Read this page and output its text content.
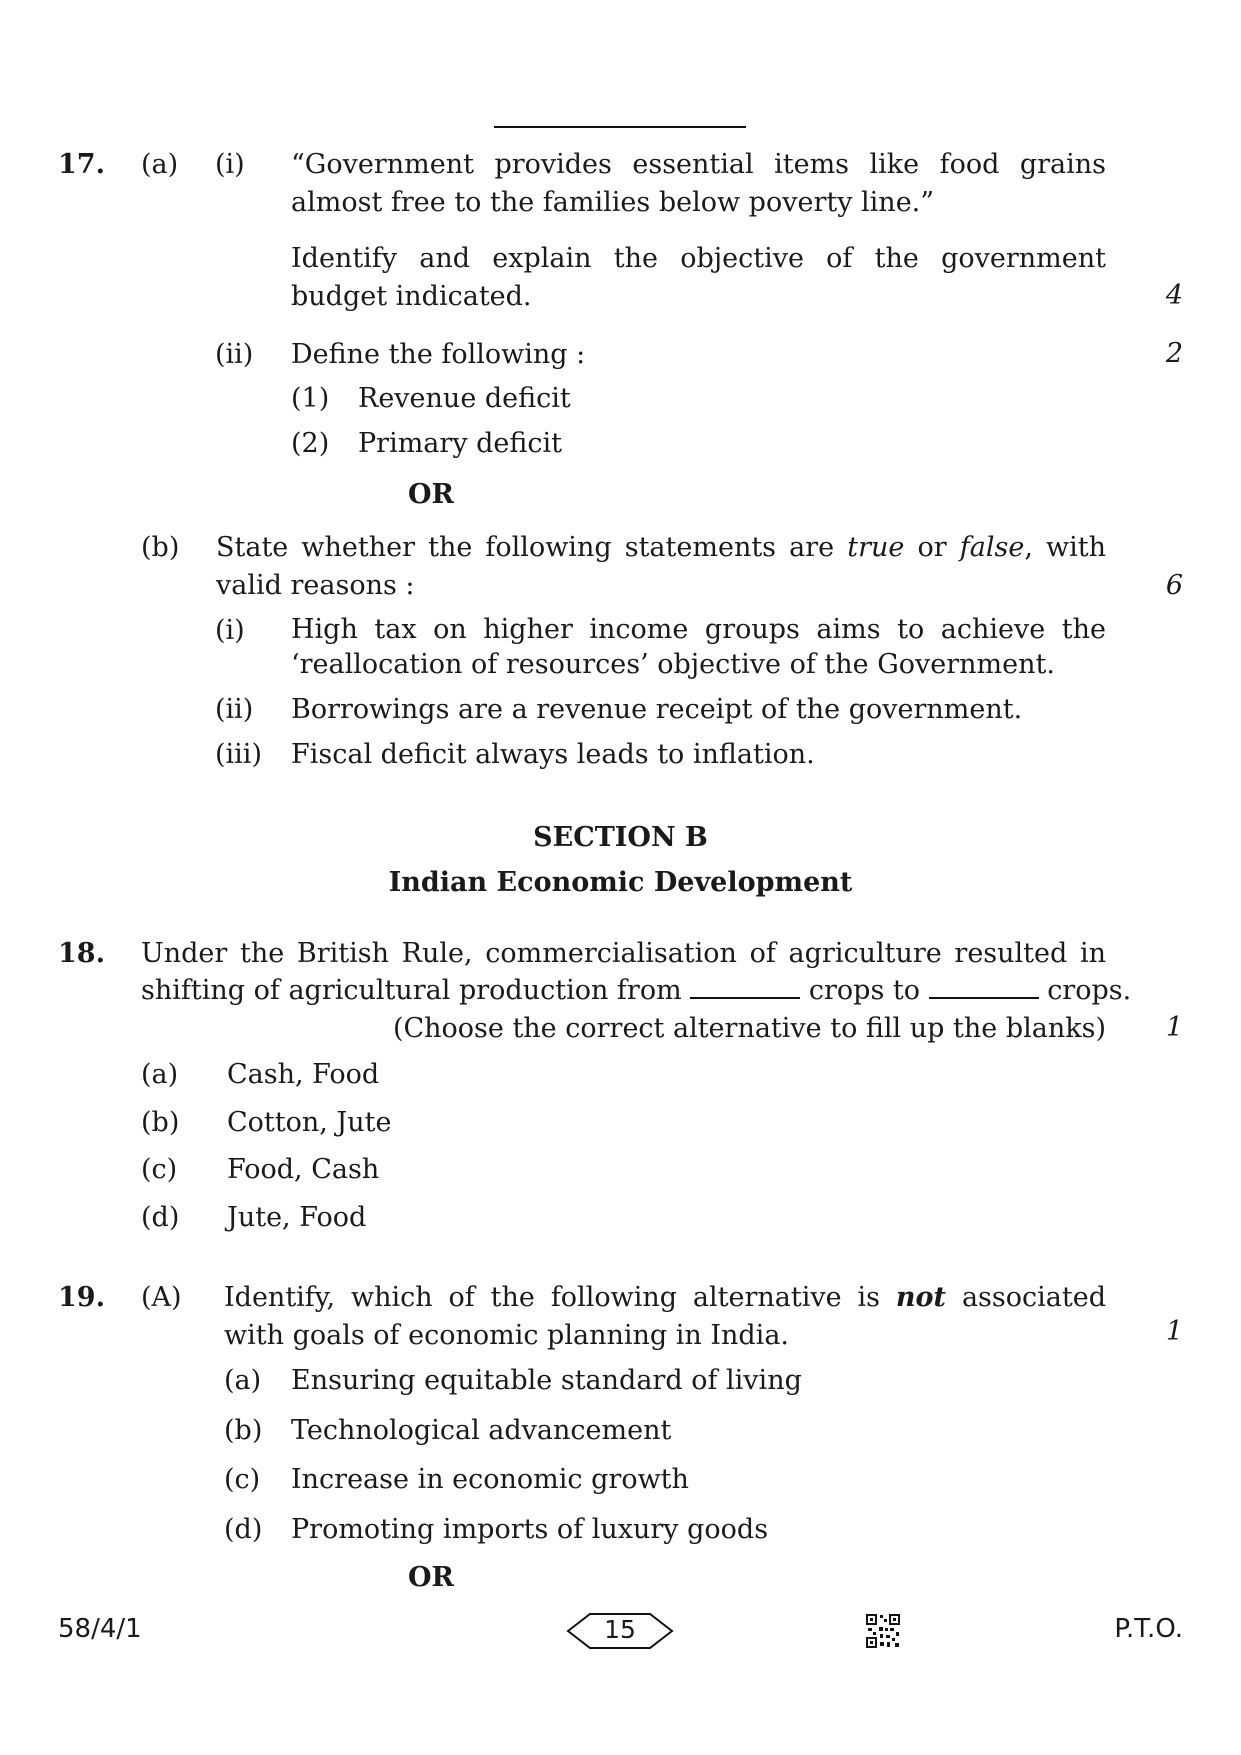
17. (a) (i) “Government provides essential items like food grains almost free to the families below poverty line.”
Identify and explain the objective of the government budget indicated.	4
(ii) Define the following :	2
(1) Revenue deficit
(2) Primary deficit
OR
(b) State whether the following statements are true or false, with valid reasons :	6
(i) High tax on higher income groups aims to achieve the ‘reallocation of resources’ objective of the Government.
(ii) Borrowings are a revenue receipt of the government.
(iii) Fiscal deficit always leads to inflation.
SECTION B
Indian Economic Development
18. Under the British Rule, commercialisation of agriculture resulted in
shifting of agricultural production from	crops to	crops.
(Choose the correct alternative to fill up the blanks) 1
(a) Cash, Food
(b) Cotton, Jute
(c) Food, Cash
(d) Jute, Food
19. (A) Identify, which of the following alternative is not associated with goals of economic planning in India.	1
(a) Ensuring equitable standard of living
(b) Technological advancement
(c) Increase in economic growth
(d) Promoting imports of luxury goods
OR
58/4/1	15	P.T.O.
